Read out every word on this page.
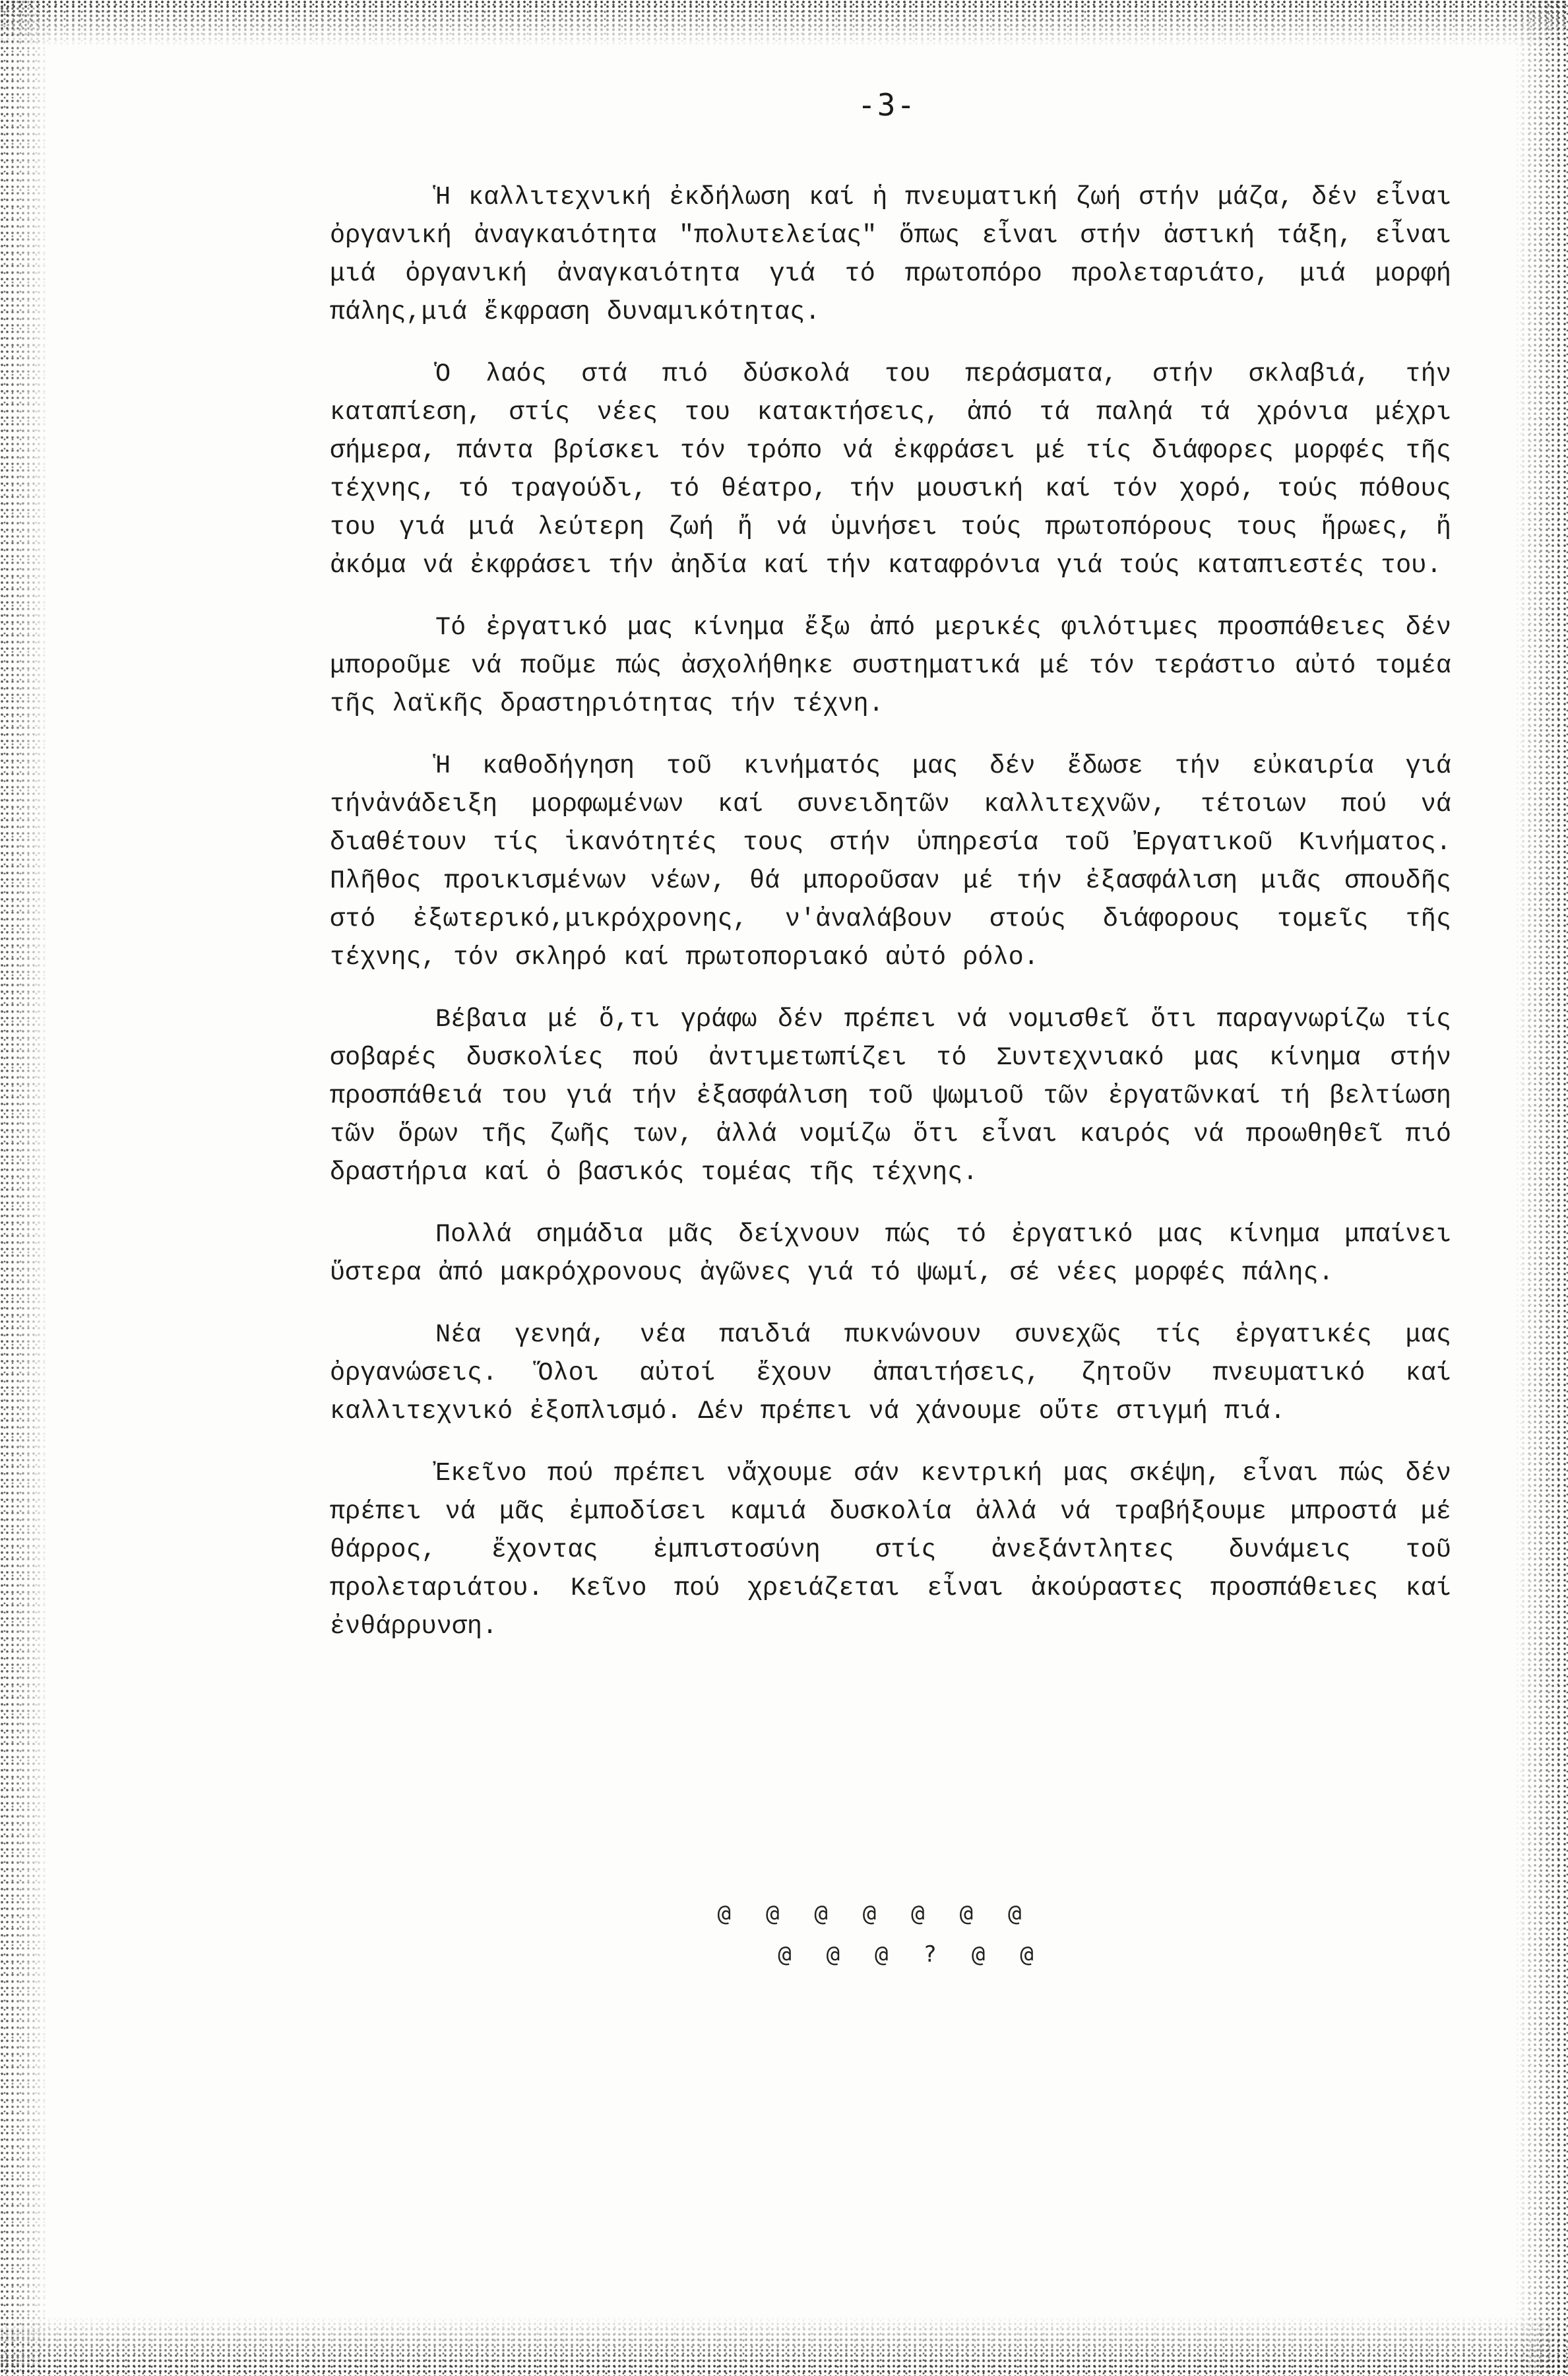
-3-

Ἡ καλλιτεχνική ἐκδήλωση καί ἡ πνευματική ζωή στήν μάζα, δέν εἶναι ὀργανική ἀναγκαιότητα "πολυτελείας" ὅπως εἶναι στήν ἀστική τάξη, εἶναι μιά ὀργανική ἀναγκαιότητα γιά τό πρωτοπόρο προλεταριάτο, μιά μορφή πάλης,μιά ἔκφραση δυναμικότητας.

Ὁ λαός στά πιό δύσκολά του περάσματα, στήν σκλαβιά, τήν καταπίεση, στίς νέες του κατακτήσεις, ἀπό τά παληά τά χρόνια μέχρι σήμερα, πάντα βρίσκει τόν τρόπο νά ἐκφράσει μέ τίς διάφορες μορφές τῆς τέχνης, τό τραγούδι, τό θέατρο, τήν μουσική καί τόν χορό, τούς πόθους του γιά μιά λεύτερη ζωή ἤ νά ὑμνήσει τούς πρωτοπόρους τους ἥρωες, ἤ ἀκόμα νά ἐκφράσει τήν ἀηδία καί τήν καταφρόνια γιά τούς καταπιεστές του.

Τό ἐργατικό μας κίνημα ἔξω ἀπό μερικές φιλότιμες προσπάθειες δέν μποροῦμε νά ποῦμε πώς ἀσχολήθηκε συστηματικά μέ τόν τεράστιο αὐτό τομέα τῆς λαϊκῆς δραστηριότητας τήν τέχνη.

Ἡ καθοδήγηση τοῦ κινήματός μας δέν ἔδωσε τήν εὐκαιρία γιά τήνἀνάδειξη μορφωμένων καί συνειδητῶν καλλιτεχνῶν, τέτοιων πού νά διαθέτουν τίς ἱκανότητές τους στήν ὑπηρεσία τοῦ Ἐργατικοῦ Κινήματος. Πλῆθος προικισμένων νέων, θά μποροῦσαν μέ τήν ἐξασφάλιση μιᾶς σπουδῆς στό ἐξωτερικό,μικρόχρονης, ν'ἀναλάβουν στούς διάφορους τομεῖς τῆς τέχνης, τόν σκληρό καί πρωτοποριακό αὐτό ρόλο.

Βέβαια μέ ὅ,τι γράφω δέν πρέπει νά νομισθεῖ ὅτι παραγνωρίζω τίς σοβαρές δυσκολίες πού ἀντιμετωπίζει τό Συντεχνιακό μας κίνημα στήν προσπάθειά του γιά τήν ἐξασφάλιση τοῦ ψωμιοῦ τῶν ἐργατῶνκαί τή βελτίωση τῶν ὅρων τῆς ζωῆς των, ἀλλά νομίζω ὅτι εἶναι καιρός νά προωθηθεῖ πιό δραστήρια καί ὁ βασικός τομέας τῆς τέχνης.

Πολλά σημάδια μᾶς δείχνουν πώς τό ἐργατικό μας κίνημα μπαίνει ὕστερα ἀπό μακρόχρονους ἀγῶνες γιά τό ψωμί, σέ νέες μορφές πάλης.

Νέα γενηά, νέα παιδιά πυκνώνουν συνεχῶς τίς ἐργατικές μας ὀργανώσεις. Ὅλοι αὐτοί ἔχουν ἀπαιτήσεις, ζητοῦν πνευματικό καί καλλιτεχνικό ἐξοπλισμό. Δέν πρέπει νά χάνουμε οὔτε στιγμή πιά.

Ἐκεῖνο πού πρέπει νἄχουμε σάν κεντρική μας σκέψη, εἶναι πώς δέν πρέπει νά μᾶς ἐμποδίσει καμιά δυσκολία ἀλλά νά τραβήξουμε μπροστά μέ θάρρος, ἔχοντας ἐμπιστοσύνη στίς ἀνεξάντλητες δυνάμεις τοῦ προλεταριάτου. Κεῖνο πού χρειάζεται εἶναι ἀκούραστες προσπάθειες καί ἐνθάρρυνση.

@  @  @  @  @  @  @
@  @  @  ?  @  @
